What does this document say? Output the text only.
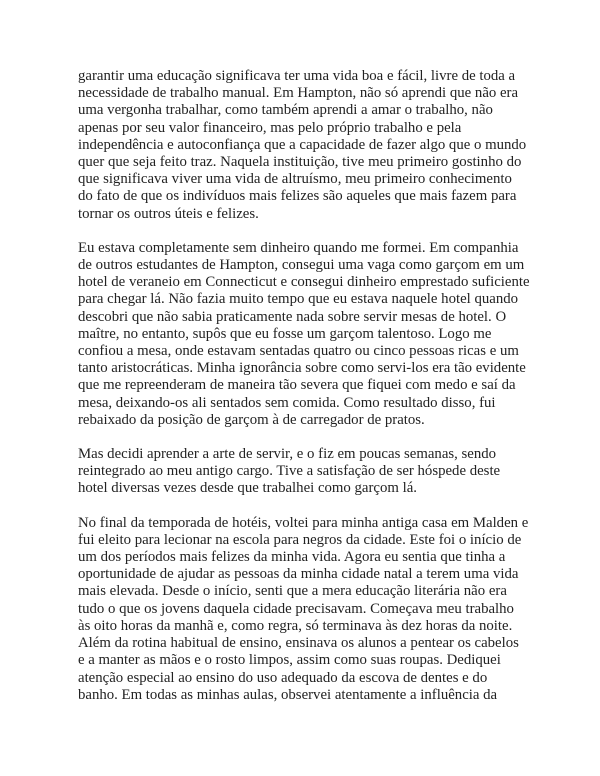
garantir uma educação significava ter uma vida boa e fácil, livre de toda a
necessidade de trabalho manual. Em Hampton, não só aprendi que não era
uma vergonha trabalhar, como também aprendi a amar o trabalho, não
apenas por seu valor financeiro, mas pelo próprio trabalho e pela
independência e autoconfiança que a capacidade de fazer algo que o mundo
quer que seja feito traz. Naquela instituição, tive meu primeiro gostinho do
que significava viver uma vida de altruísmo, meu primeiro conhecimento
do fato de que os indivíduos mais felizes são aqueles que mais fazem para
tornar os outros úteis e felizes.

Eu estava completamente sem dinheiro quando me formei. Em companhia
de outros estudantes de Hampton, consegui uma vaga como garçom em um
hotel de veraneio em Connecticut e consegui dinheiro emprestado suficiente
para chegar lá. Não fazia muito tempo que eu estava naquele hotel quando
descobri que não sabia praticamente nada sobre servir mesas de hotel. O
maître, no entanto, supôs que eu fosse um garçom talentoso. Logo me
confiou a mesa, onde estavam sentadas quatro ou cinco pessoas ricas e um
tanto aristocráticas. Minha ignorância sobre como servi-los era tão evidente
que me repreenderam de maneira tão severa que fiquei com medo e saí da
mesa, deixando-os ali sentados sem comida. Como resultado disso, fui
rebaixado da posição de garçom à de carregador de pratos.

Mas decidi aprender a arte de servir, e o fiz em poucas semanas, sendo
reintegrado ao meu antigo cargo. Tive a satisfação de ser hóspede deste
hotel diversas vezes desde que trabalhei como garçom lá.

No final da temporada de hotéis, voltei para minha antiga casa em Malden e
fui eleito para lecionar na escola para negros da cidade. Este foi o início de
um dos períodos mais felizes da minha vida. Agora eu sentia que tinha a
oportunidade de ajudar as pessoas da minha cidade natal a terem uma vida
mais elevada. Desde o início, senti que a mera educação literária não era
tudo o que os jovens daquela cidade precisavam. Começava meu trabalho
às oito horas da manhã e, como regra, só terminava às dez horas da noite.
Além da rotina habitual de ensino, ensinava os alunos a pentear os cabelos
e a manter as mãos e o rosto limpos, assim como suas roupas. Dediquei
atenção especial ao ensino do uso adequado da escova de dentes e do
banho. Em todas as minhas aulas, observei atentamente a influência da
